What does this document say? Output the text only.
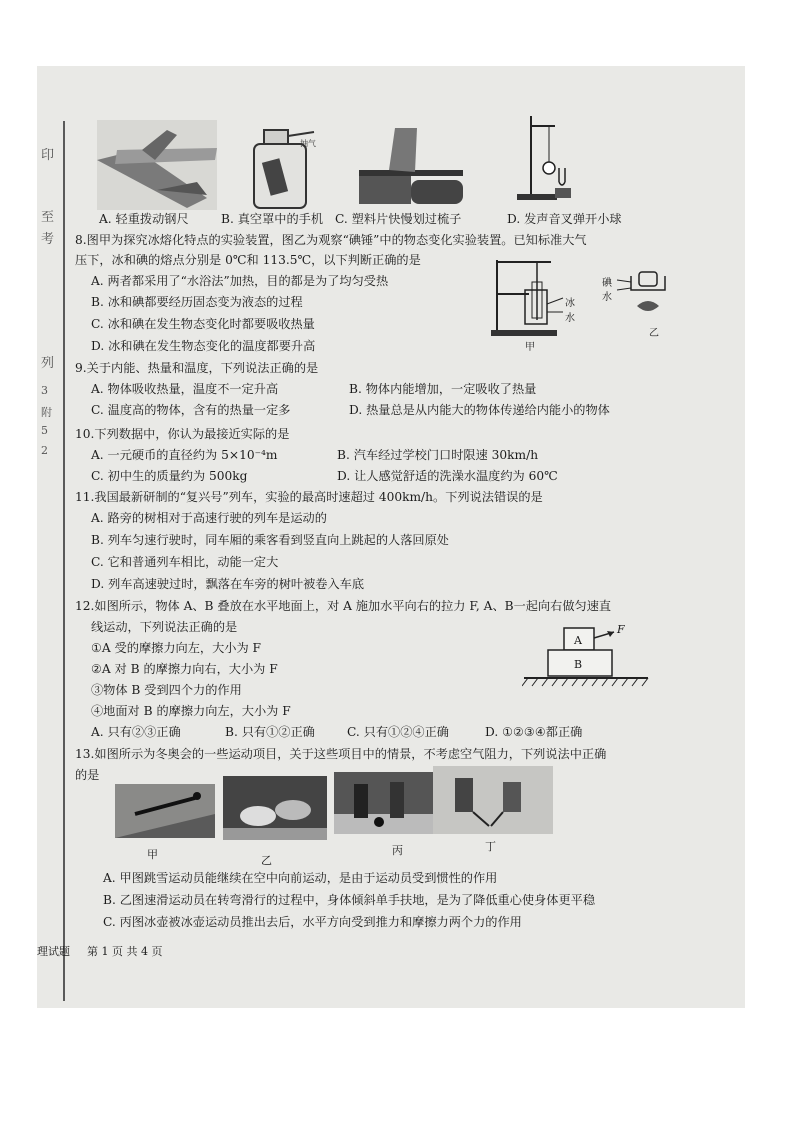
印
至
考
列
3
附
5
2
抽气
A. 轻重拨动钢尺	B. 真空罩中的手机 C. 塑料片快慢划过梳子	D. 发声音叉弹开小球
8.图甲为探究冰熔化特点的实验装置，图乙为观察“碘锤”中的物态变化实验装置。已知标准大气
压下，冰和碘的熔点分别是 0℃和 113.5℃，以下判断正确的是
A. 两者都采用了“水浴法”加热，目的都是为了均匀受热
B. 冰和碘都要经历固态变为液态的过程
C. 冰和碘在发生物态变化时都要吸收热量
D. 冰和碘在发生物态变化的温度都要升高
冰
水
甲
碘
水
乙
9.关于内能、热量和温度，下列说法正确的是
A. 物体吸收热量，温度不一定升高	B. 物体内能增加，一定吸收了热量
C. 温度高的物体，含有的热量一定多	D. 热量总是从内能大的物体传递给内能小的物体
10.下列数据中，你认为最接近实际的是
A. 一元硬币的直径约为 5×10⁻⁴m	B. 汽车经过学校门口时限速 30km/h
C. 初中生的质量约为 500kg	D. 让人感觉舒适的洗澡水温度约为 60℃
11.我国最新研制的“复兴号”列车，实验的最高时速超过 400km/h。下列说法错误的是
A. 路旁的树相对于高速行驶的列车是运动的
B. 列车匀速行驶时，同车厢的乘客看到竖直向上跳起的人落回原处
C. 它和普通列车相比，动能一定大
D. 列车高速驶过时，飘落在车旁的树叶被卷入车底
12.如图所示，物体 A、B 叠放在水平地面上，对 A 施加水平向右的拉力 F, A、B一起向右做匀速直
线运动，下列说法正确的是
①A 受的摩擦力向左，大小为 F
②A 对 B 的摩擦力向右，大小为 F
③物体 B 受到四个力的作用
④地面对 B 的摩擦力向左，大小为 F
A. 只有②③正确	B. 只有①②正确	C. 只有①②④正确	D. ①②③④都正确
A
B
F
13.如图所示为冬奥会的一些运动项目，关于这些项目中的情景，不考虑空气阻力，下列说法中正确
的是
甲	乙
丙	丁
A. 甲图跳雪运动员能继续在空中向前运动，是由于运动员受到惯性的作用
B. 乙图速滑运动员在转弯滑行的过程中，身体倾斜单手扶地，是为了降低重心使身体更平稳
C. 丙图冰壶被冰壶运动员推出去后，水平方向受到推力和摩擦力两个力的作用
理试题 第 1 页 共 4 页
